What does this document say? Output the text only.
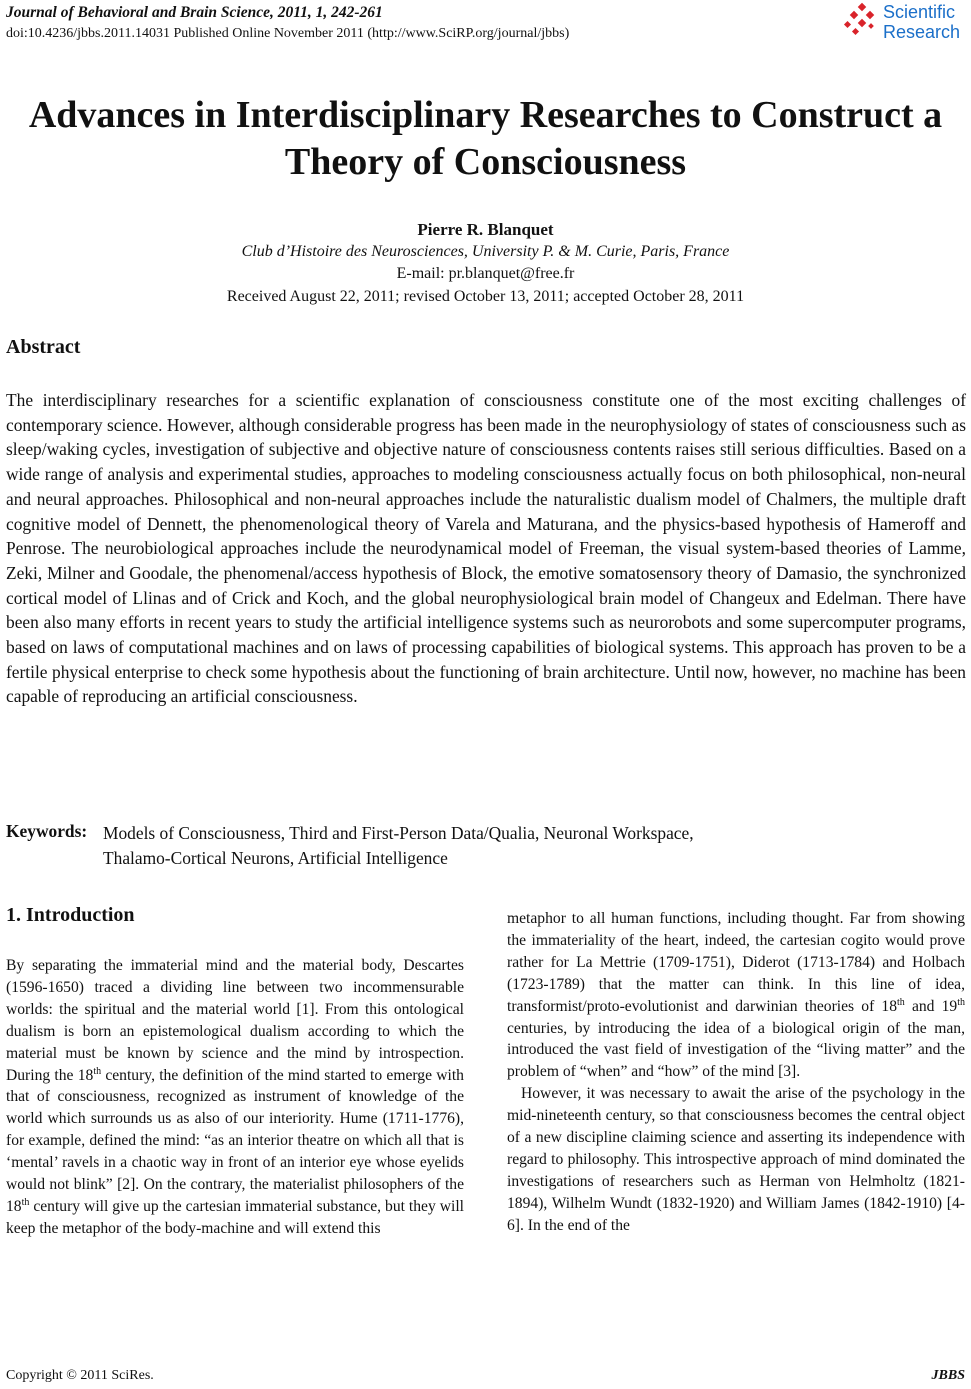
Journal of Behavioral and Brain Science, 2011, 1, 242-261
doi:10.4236/jbbs.2011.14031 Published Online November 2011 (http://www.SciRP.org/journal/jbbs)
Scientific
Research
Advances in Interdisciplinary Researches to Construct a Theory of Consciousness
Pierre R. Blanquet
Club d’Histoire des Neurosciences, University P. & M. Curie, Paris, France
E-mail: pr.blanquet@free.fr
Received August 22, 2011; revised October 13, 2011; accepted October 28, 2011
Abstract

The interdisciplinary researches for a scientific explanation of consciousness constitute one of the most exciting challenges of contemporary science. However, although considerable progress has been made in the neurophysiology of states of consciousness such as sleep/waking cycles, investigation of subjective and objective nature of consciousness contents raises still serious difficulties. Based on a wide range of analysis and experimental studies, approaches to modeling consciousness actually focus on both philosophical, non-neural and neural approaches. Philosophical and non-neural approaches include the naturalistic dualism model of Chalmers, the multiple draft cognitive model of Dennett, the phenomenological theory of Varela and Maturana, and the physics-based hypothesis of Hameroff and Penrose. The neurobiological approaches include the neurodynamical model of Freeman, the visual system-based theories of Lamme, Zeki, Milner and Goodale, the phenomenal/access hypothesis of Block, the emotive somatosensory theory of Damasio, the synchronized cortical model of Llinas and of Crick and Koch, and the global neurophysiological brain model of Changeux and Edelman. There have been also many efforts in recent years to study the artificial intelligence systems such as neurorobots and some supercomputer programs, based on laws of computational machines and on laws of processing capabilities of biological systems. This approach has proven to be a fertile physical enterprise to check some hypothesis about the functioning of brain architecture. Until now, however, no machine has been capable of reproducing an artificial consciousness.

Keywords: Models of Consciousness, Third and First-Person Data/Qualia, Neuronal Workspace,
Thalamo-Cortical Neurons, Artificial Intelligence
1. Introduction

By separating the immaterial mind and the material body, Descartes (1596-1650) traced a dividing line between two incommensurable worlds: the spiritual and the material world [1]. From this ontological dualism is born an epistemological dualism according to which the material must be known by science and the mind by introspection. During the 18th century, the definition of the mind started to emerge with that of consciousness, recognized as instrument of knowledge of the world which surrounds us as also of our interiority. Hume (1711-1776), for example, defined the mind: “as an interior theatre on which all that is ‘mental’ ravels in a chaotic way in front of an interior eye whose eyelids would not blink” [2]. On the contrary, the materialist philosophers of the 18th century will give up the cartesian immaterial substance, but they will keep the metaphor of the body-machine and will extend this

metaphor to all human functions, including thought. Far from showing the immateriality of the heart, indeed, the cartesian cogito would prove rather for La Mettrie (1709-1751), Diderot (1713-1784) and Holbach (1723-1789) that the matter can think. In this line of idea, transformist/proto-evolutionist and darwinian theories of 18th and 19th centuries, by introducing the idea of a biological origin of the man, introduced the vast field of investigation of the “living matter” and the problem of “when” and “how” of the mind [3].

However, it was necessary to await the arise of the psychology in the mid-nineteenth century, so that consciousness becomes the central object of a new discipline claiming science and asserting its independence with regard to philosophy. This introspective approach of mind dominated the investigations of researchers such as Herman von Helmholtz (1821-1894), Wilhelm Wundt (1832-1920) and William James (1842-1910) [4-6]. In the end of the

Copyright © 2011 SciRes.	JBBS
